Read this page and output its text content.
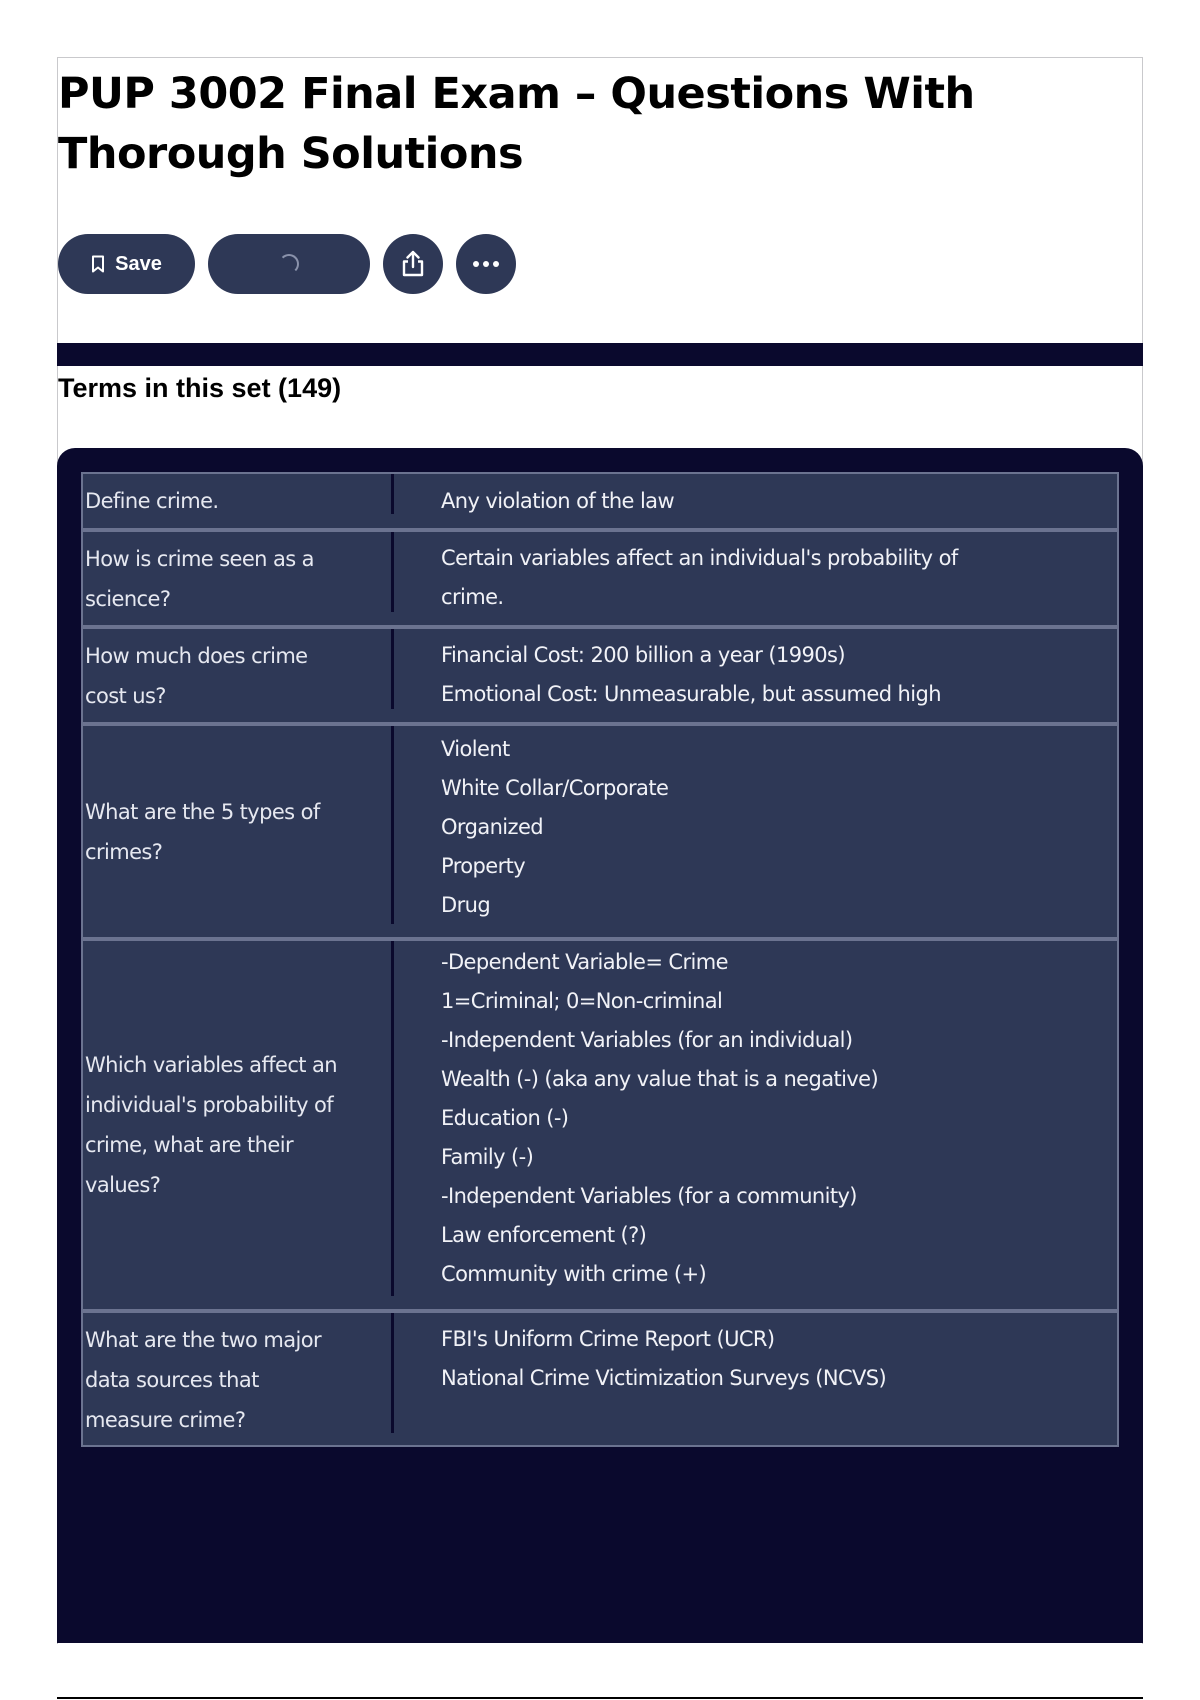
PUP 3002 Final Exam – Questions With
Thorough Solutions
Save
Terms in this set (149)
Define crime.	Any violation of the law
How is crime seen as a
science?
Certain variables affect an individual's probability of
crime.
How much does crime
cost us?
Financial Cost: 200 billion a year (1990s)
Emotional Cost: Unmeasurable, but assumed high
What are the 5 types of
crimes?
Violent
White Collar/Corporate
Organized
Property
Drug
Which variables affect an
individual's probability of
crime, what are their
values?
-Dependent Variable= Crime
1=Criminal; 0=Non-criminal
-Independent Variables (for an individual)
Wealth (-) (aka any value that is a negative)
Education (-)
Family (-)
-Independent Variables (for a community)
Law enforcement (?)
Community with crime (+)
What are the two major
data sources that
measure crime?
FBI's Uniform Crime Report (UCR)
National Crime Victimization Surveys (NCVS)
